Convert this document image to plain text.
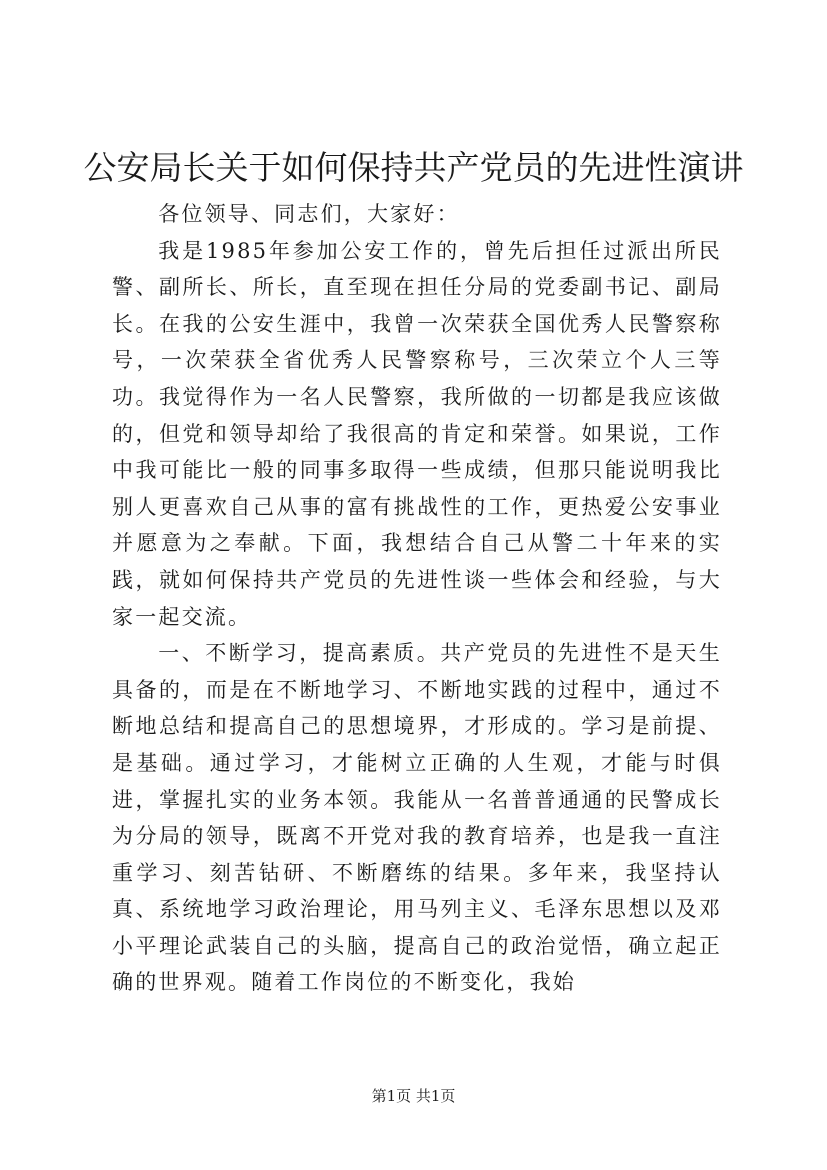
公安局长关于如何保持共产党员的先进性演讲

各位领导、同志们，大家好：

我是1985年参加公安工作的，曾先后担任过派出所民警、副所长、所长，直至现在担任分局的党委副书记、副局长。在我的公安生涯中，我曾一次荣获全国优秀人民警察称号，一次荣获全省优秀人民警察称号，三次荣立个人三等功。我觉得作为一名人民警察，我所做的一切都是我应该做的，但党和领导却给了我很高的肯定和荣誉。如果说，工作中我可能比一般的同事多取得一些成绩，但那只能说明我比别人更喜欢自己从事的富有挑战性的工作，更热爱公安事业并愿意为之奉献。下面，我想结合自己从警二十年来的实践，就如何保持共产党员的先进性谈一些体会和经验，与大家一起交流。

一、不断学习，提高素质。共产党员的先进性不是天生具备的，而是在不断地学习、不断地实践的过程中，通过不断地总结和提高自己的思想境界，才形成的。学习是前提、是基础。通过学习，才能树立正确的人生观，才能与时俱进，掌握扎实的业务本领。我能从一名普普通通的民警成长为分局的领导，既离不开党对我的教育培养，也是我一直注重学习、刻苦钻研、不断磨练的结果。多年来，我坚持认真、系统地学习政治理论，用马列主义、毛泽东思想以及邓小平理论武装自己的头脑，提高自己的政治觉悟，确立起正确的世界观。随着工作岗位的不断变化，我始

第1页 共1页
